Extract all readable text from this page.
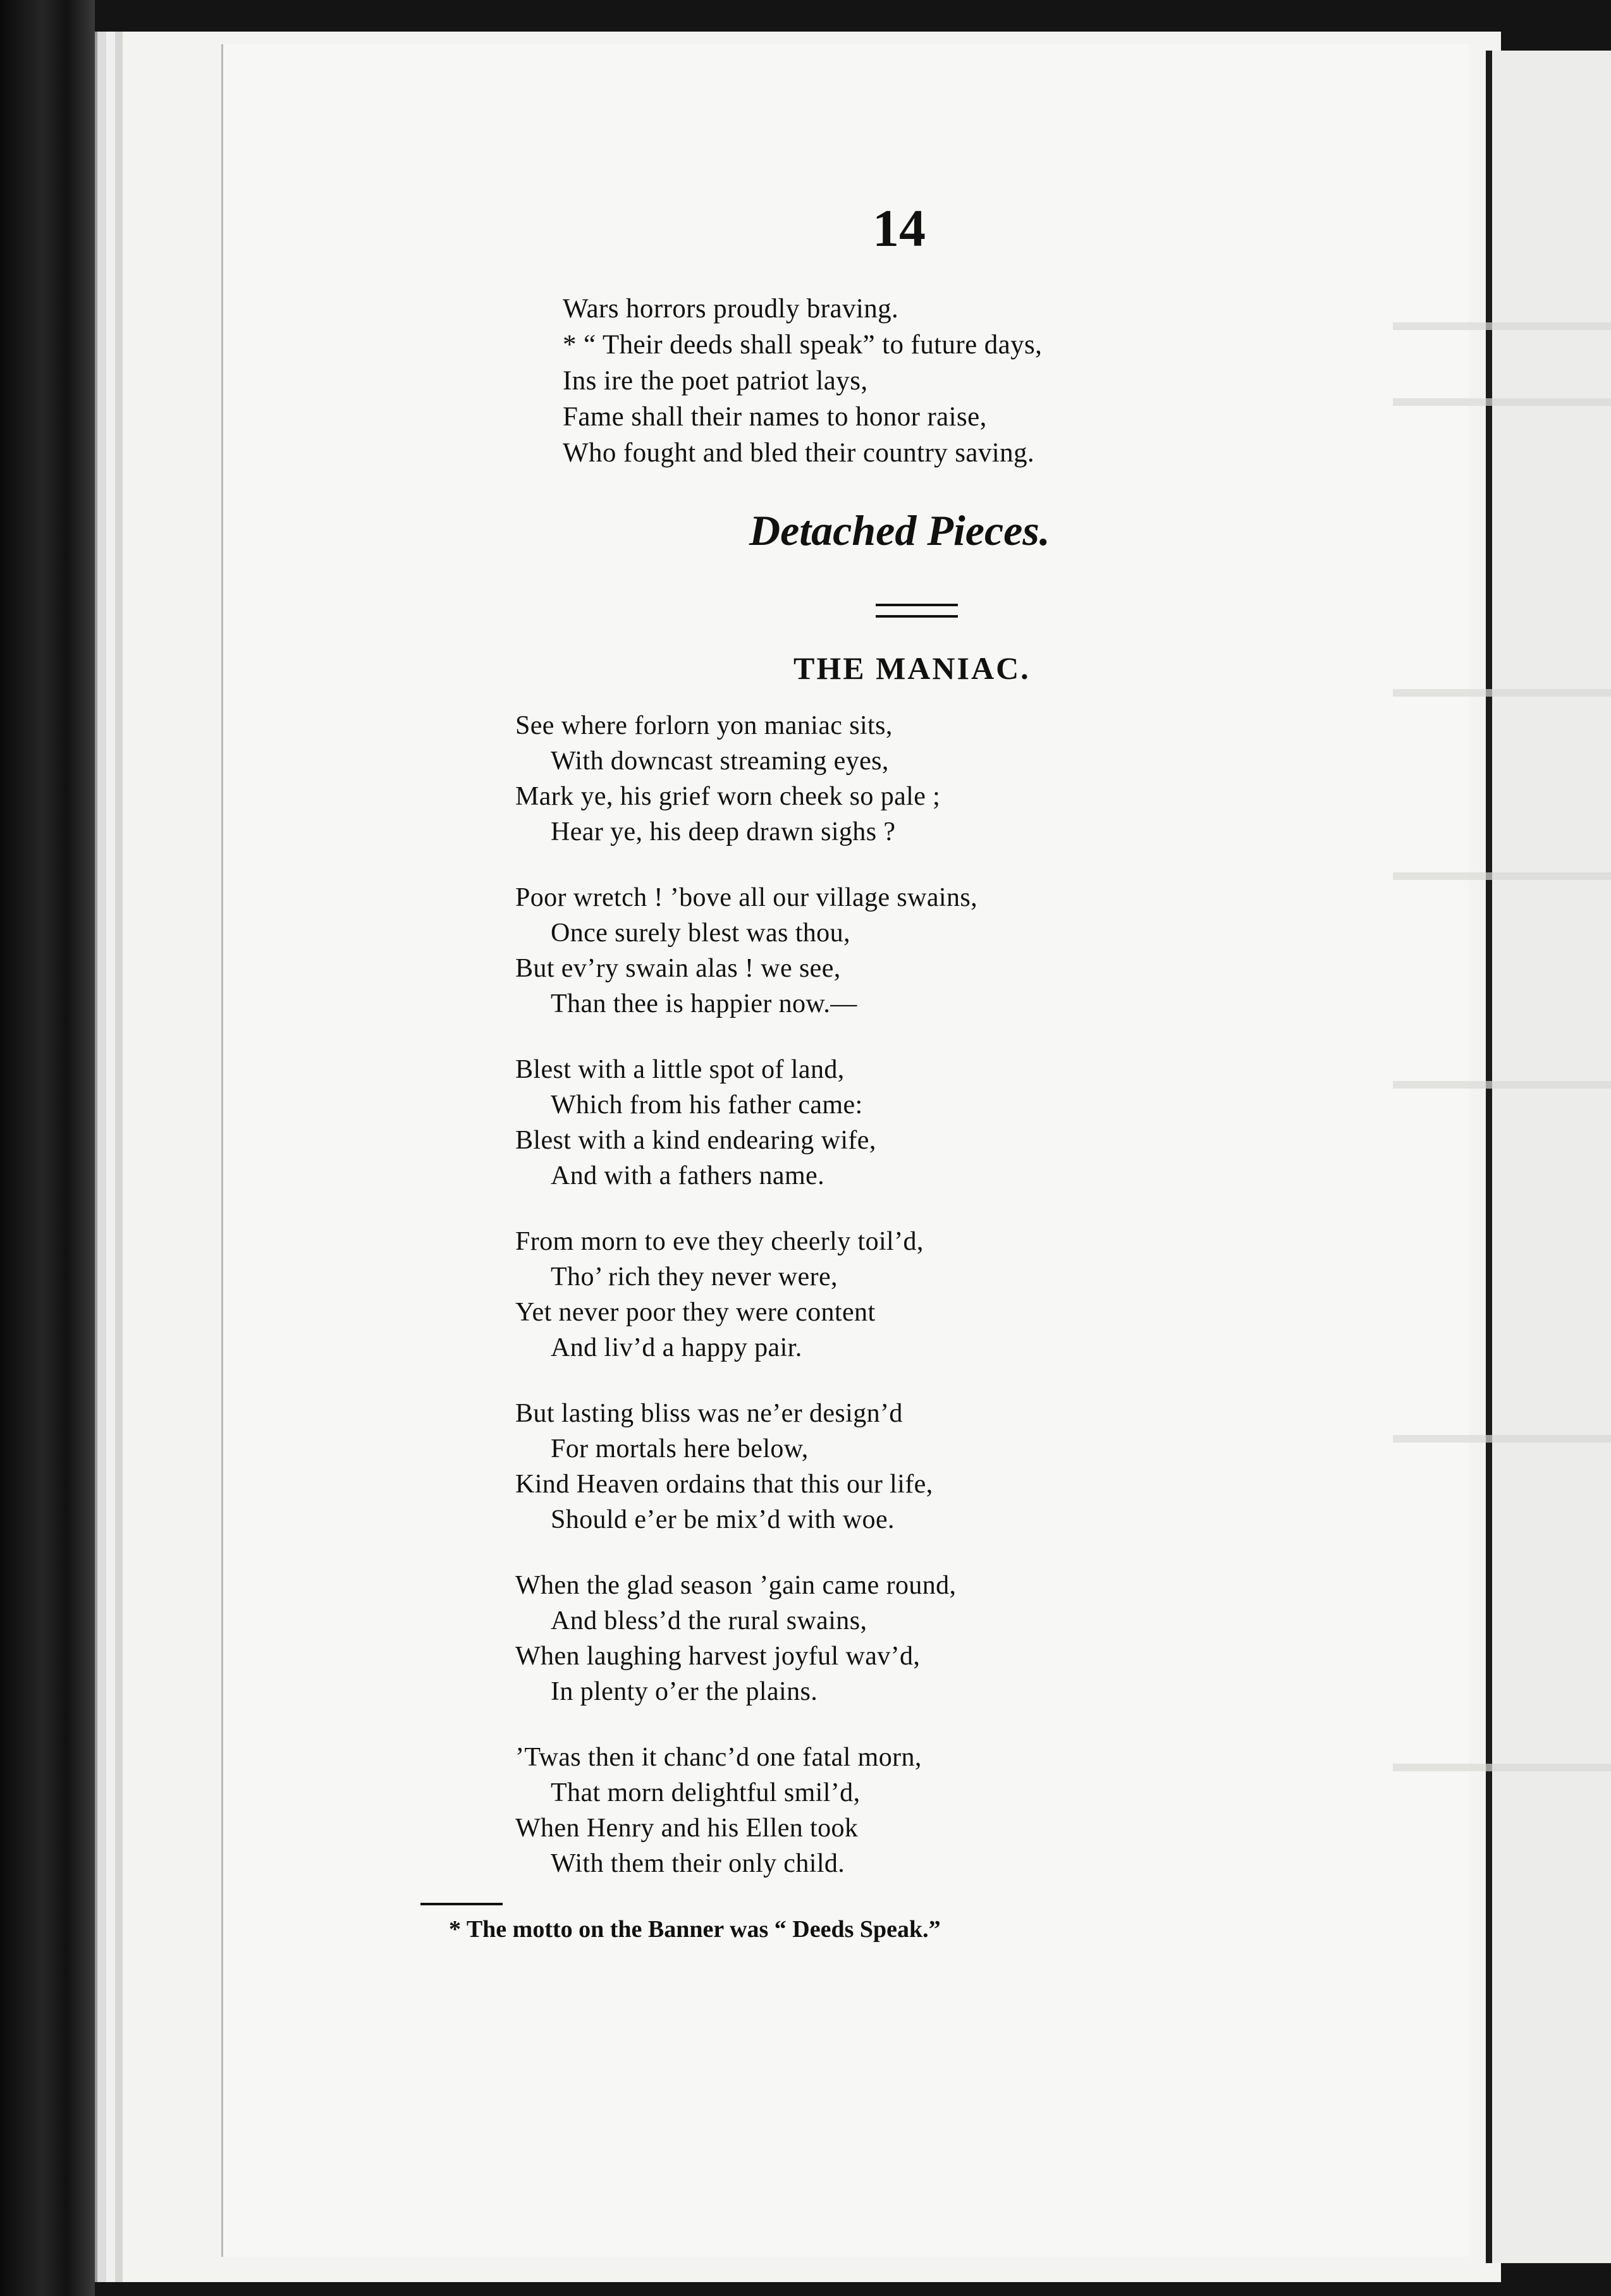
14
Wars horrors proudly braving.
* “ Their deeds shall speak” to future days,
Ins ire the poet patriot lays,
Fame shall their names to honor raise,
Who fought and bled their country saving.
Detached Pieces.
THE MANIAC.
See where forlorn yon maniac sits,
With downcast streaming eyes,
Mark ye, his grief worn cheek so pale ;
Hear ye, his deep drawn sighs ?
Poor wretch ! ’bove all our village swains,
Once surely blest was thou,
But ev’ry swain alas ! we see,
Than thee is happier now.—
Blest with a little spot of land,
Which from his father came:
Blest with a kind endearing wife,
And with a fathers name.
From morn to eve they cheerly toil’d,
Tho’ rich they never were,
Yet never poor they were content
And liv’d a happy pair.
But lasting bliss was ne’er design’d
For mortals here below,
Kind Heaven ordains that this our life,
Should e’er be mix’d with woe.
When the glad season ’gain came round,
And bless’d the rural swains,
When laughing harvest joyful wav’d,
In plenty o’er the plains.
’Twas then it chanc’d one fatal morn,
That morn delightful smil’d,
When Henry and his Ellen took
With them their only child.
* The motto on the Banner was “ Deeds Speak.”
